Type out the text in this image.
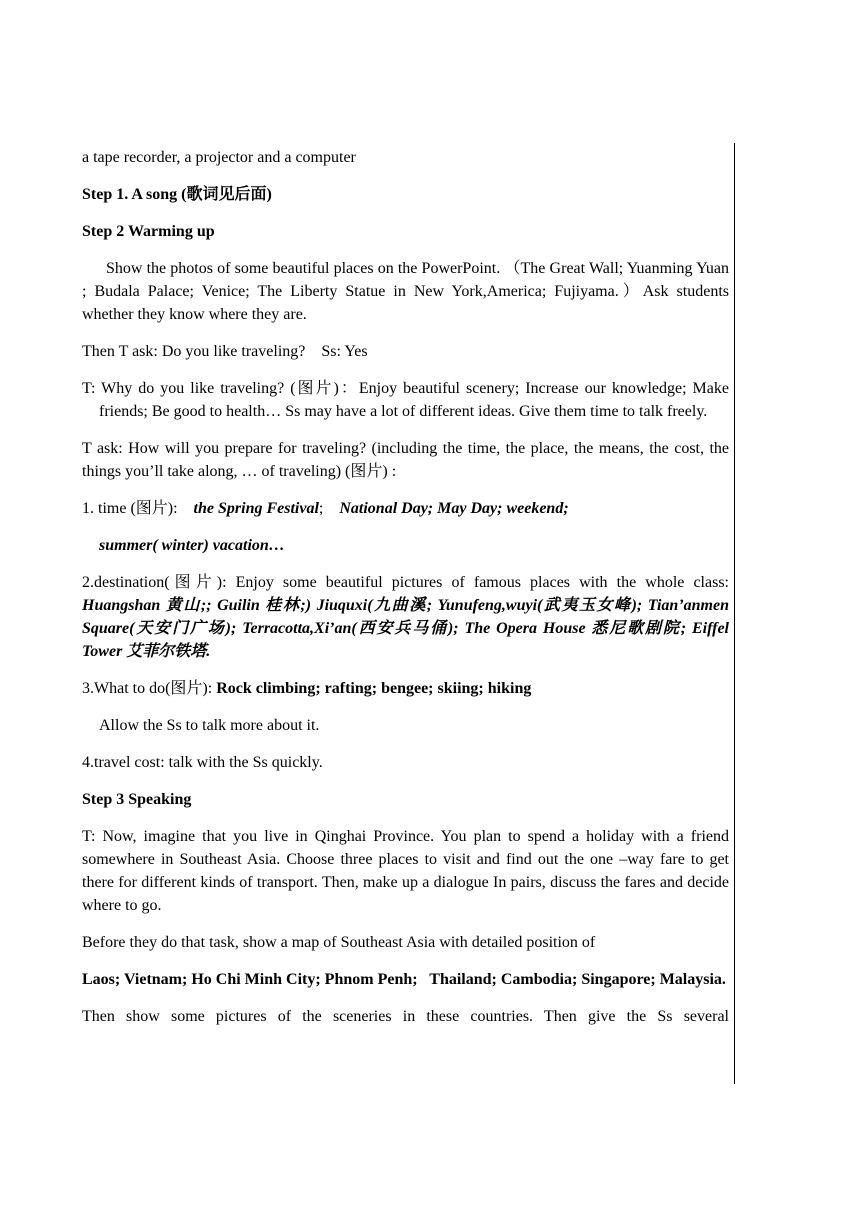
a tape recorder, a projector and a computer

Step 1. A song (歌词见后面)

Step 2 Warming up

Show the photos of some beautiful places on the PowerPoint. （The Great Wall; Yuanming Yuan ; Budala Palace; Venice; The Liberty Statue in New York,America; Fujiyama.）Ask students whether they know where they are.

Then T ask: Do you like traveling?    Ss: Yes

T: Why do you like traveling? (图片)：Enjoy beautiful scenery; Increase our knowledge; Make friends; Be good to health… Ss may have a lot of different ideas. Give them time to talk freely.

T ask: How will you prepare for traveling? (including the time, the place, the means, the cost, the things you’ll take along, … of traveling) (图片) :

1. time (图片):    the Spring Festival;    National Day; May Day; weekend;

summer( winter) vacation…

2.destination(图片): Enjoy some beautiful pictures of famous places with the whole class: Huangshan 黄山;; Guilin 桂林;) Jiuquxi(九曲溪; Yunufeng,wuyi(武夷玉女峰); Tian’anmen Square(天安门广场); Terracotta,Xi’an(西安兵马俑); The Opera House 悉尼歌剧院; Eiffel Tower 艾菲尔铁塔.

3.What to do(图片): Rock climbing; rafting; bengee; skiing; hiking

Allow the Ss to talk more about it.

4.travel cost: talk with the Ss quickly.

Step 3 Speaking

T: Now, imagine that you live in Qinghai Province. You plan to spend a holiday with a friend somewhere in Southeast Asia. Choose three places to visit and find out the one –way fare to get there for different kinds of transport. Then, make up a dialogue In pairs, discuss the fares and decide where to go.

Before they do that task, show a map of Southeast Asia with detailed position of

Laos; Vietnam; Ho Chi Minh City; Phnom Penh;   Thailand; Cambodia; Singapore; Malaysia.

Then show some pictures of the sceneries in these countries. Then give the Ss several
